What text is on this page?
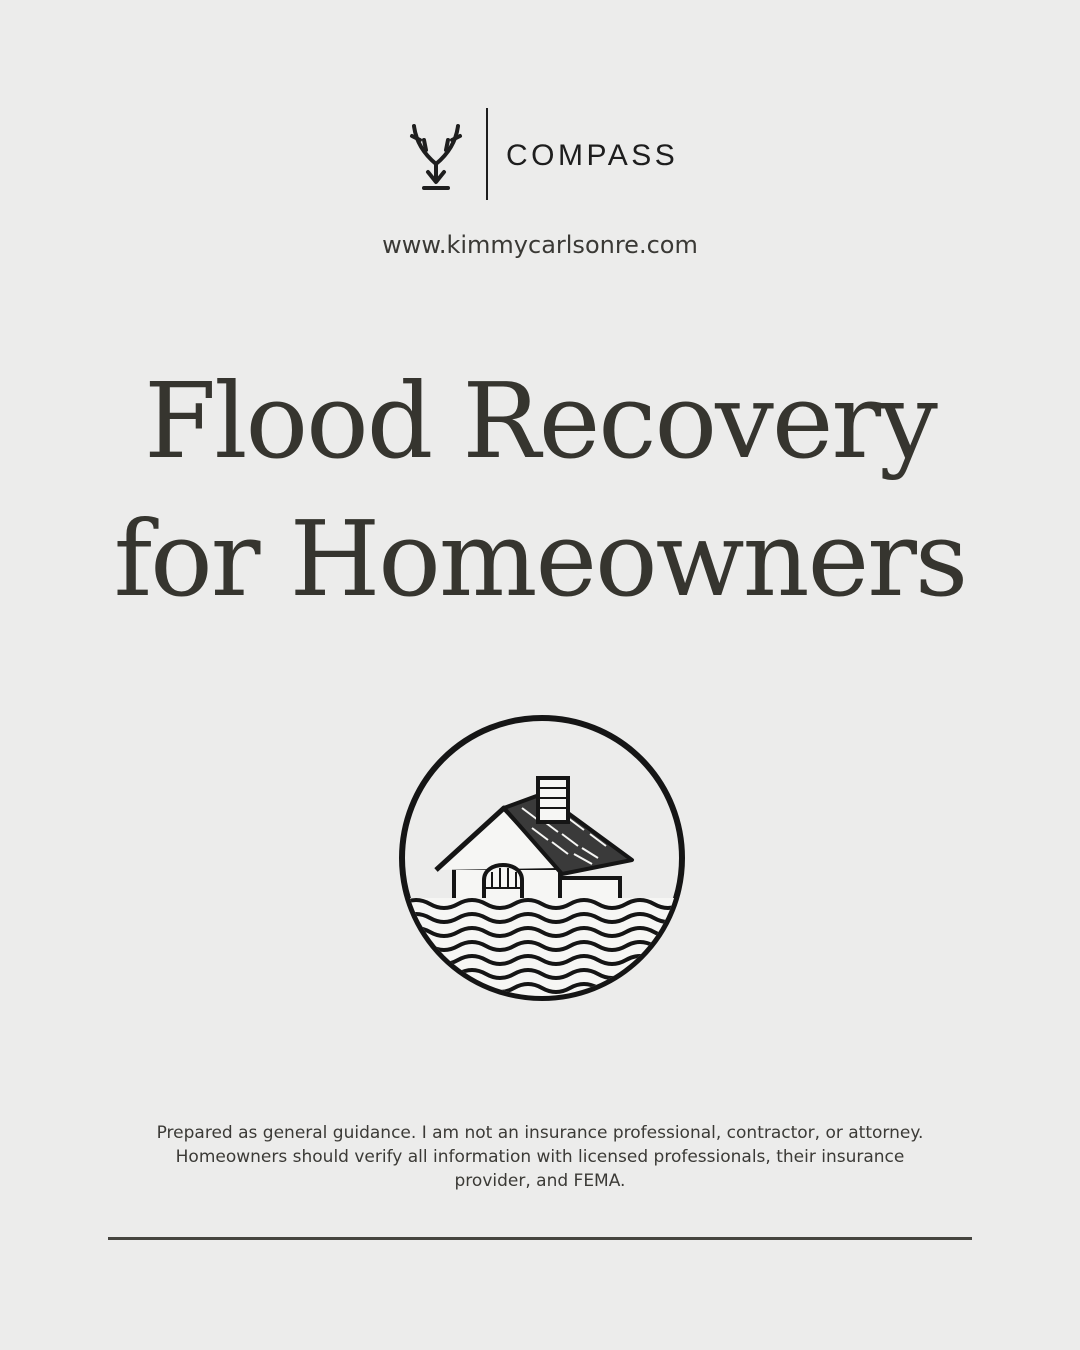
COMPASS
www.kimmycarlsonre.com
Flood Recovery
for Homeowners

Prepared as general guidance. I am not an insurance professional, contractor, or attorney. Homeowners should verify all information with licensed professionals, their insurance provider, and FEMA.
